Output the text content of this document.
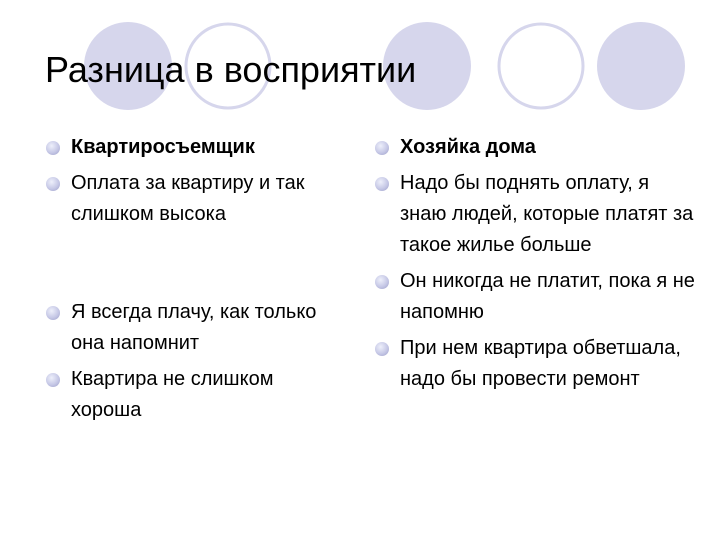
Разница в восприятии
Квартиросъемщик
Оплата за квартиру и так слишком высока
Я всегда плачу, как только она напомнит
Квартира не слишком хороша
Хозяйка дома
Надо бы поднять оплату, я знаю людей, которые платят за такое жилье больше
Он никогда не платит, пока я не напомню
При нем квартира обветшала, надо бы провести ремонт
